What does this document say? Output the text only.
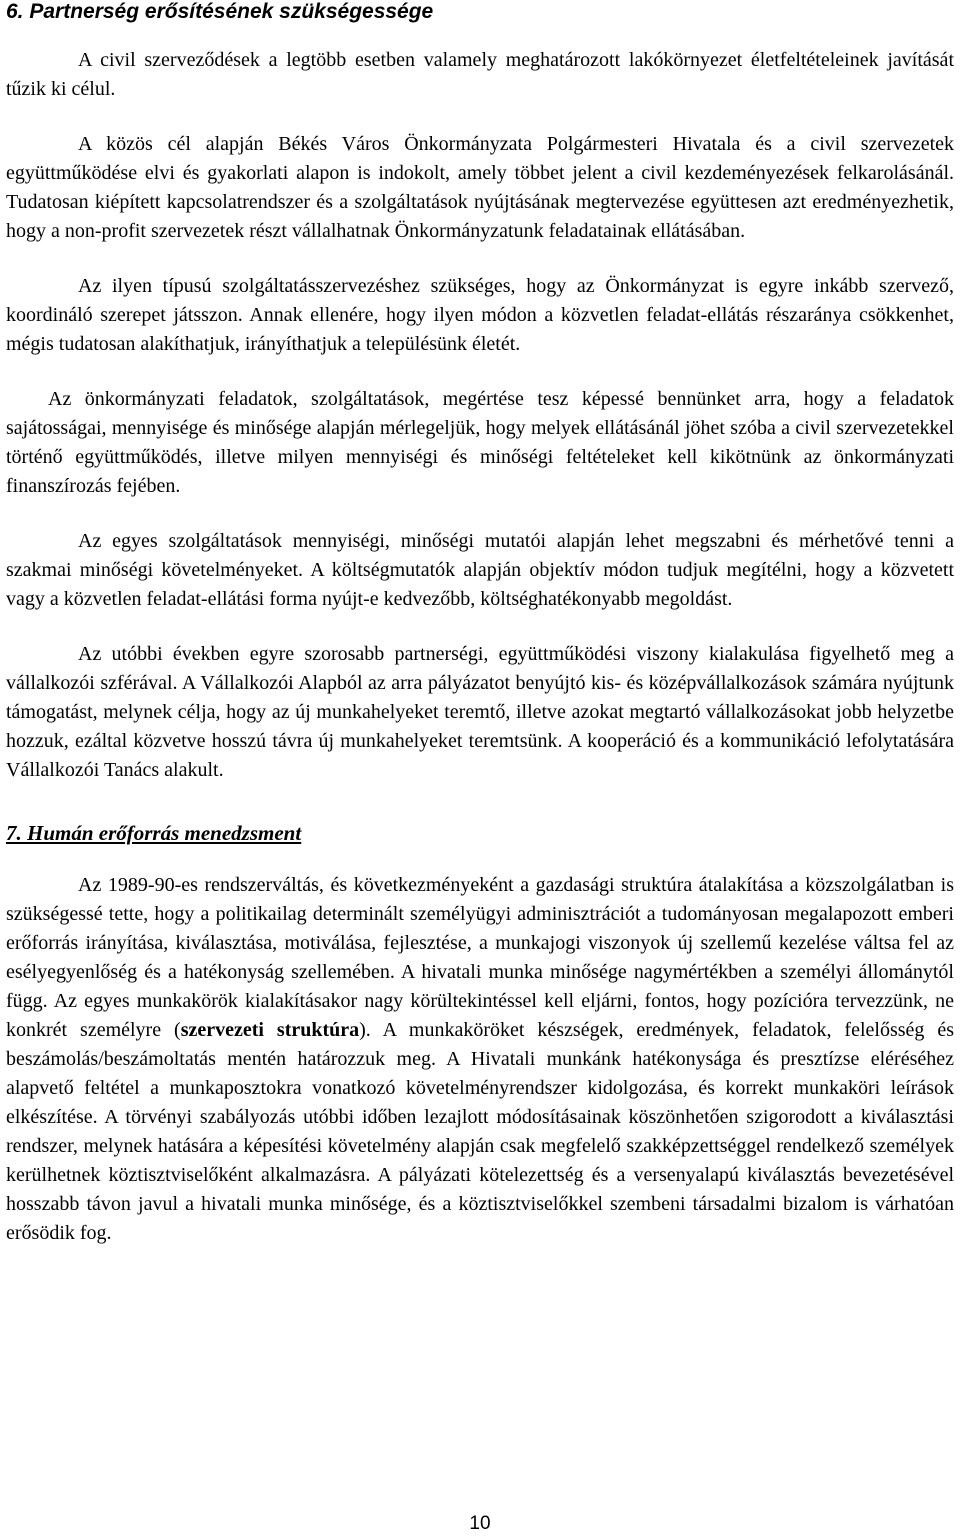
6. Partnerség erősítésének szükségessége

A civil szerveződések a legtöbb esetben valamely meghatározott lakókörnyezet életfeltételeinek javítását tűzik ki célul.

A közös cél alapján Békés Város Önkormányzata Polgármesteri Hivatala és a civil szervezetek együttműködése elvi és gyakorlati alapon is indokolt, amely többet jelent a civil kezdeményezések felkarolásánál. Tudatosan kiépített kapcsolatrendszer és a szolgáltatások nyújtásának megtervezése együttesen azt eredményezhetik, hogy a non-profit szervezetek részt vállalhatnak Önkormányzatunk feladatainak ellátásában.

Az ilyen típusú szolgáltatásszervezéshez szükséges, hogy az Önkormányzat is egyre inkább szervező, koordináló szerepet játsszon. Annak ellenére, hogy ilyen módon a közvetlen feladat-ellátás részaránya csökkenhet, mégis tudatosan alakíthatjuk, irányíthatjuk a településünk életét.

Az önkormányzati feladatok, szolgáltatások, megértése tesz képessé bennünket arra, hogy a feladatok sajátosságai, mennyisége és minősége alapján mérlegeljük, hogy melyek ellátásánál jöhet szóba a civil szervezetekkel történő együttműködés, illetve milyen mennyiségi és minőségi feltételeket kell kikötnünk az önkormányzati finanszírozás fejében.

Az egyes szolgáltatások mennyiségi, minőségi mutatói alapján lehet megszabni és mérhetővé tenni a szakmai minőségi követelményeket. A költségmutatók alapján objektív módon tudjuk megítélni, hogy a közvetett vagy a közvetlen feladat-ellátási forma nyújt-e kedvezőbb, költséghatékonyabb megoldást.

Az utóbbi években egyre szorosabb partnerségi, együttműködési viszony kialakulása figyelhető meg a vállalkozói szférával. A Vállalkozói Alapból az arra pályázatot benyújtó kis- és középvállalkozások számára nyújtunk támogatást, melynek célja, hogy az új munkahelyeket teremtő, illetve azokat megtartó vállalkozásokat jobb helyzetbe hozzuk, ezáltal közvetve hosszú távra új munkahelyeket teremtsünk. A kooperáció és a kommunikáció lefolytatására Vállalkozói Tanács alakult.

7. Humán erőforrás menedzsment

Az 1989-90-es rendszerváltás, és következményeként a gazdasági struktúra átalakítása a közszolgálatban is szükségessé tette, hogy a politikailag determinált személyügyi adminisztrációt a tudományosan megalapozott emberi erőforrás irányítása, kiválasztása, motiválása, fejlesztése, a munkajogi viszonyok új szellemű kezelése váltsa fel az esélyegyenlőség és a hatékonyság szellemében. A hivatali munka minősége nagymértékben a személyi állománytól függ. Az egyes munkakörök kialakításakor nagy körültekintéssel kell eljárni, fontos, hogy pozícióra tervezzünk, ne konkrét személyre (szervezeti struktúra). A munkaköröket készségek, eredmények, feladatok, felelősség és beszámolás/beszámoltatás mentén határozzuk meg. A Hivatali munkánk hatékonysága és presztízse eléréséhez alapvető feltétel a munkaposztokra vonatkozó követelményrendszer kidolgozása, és korrekt munkaköri leírások elkészítése. A törvényi szabályozás utóbbi időben lezajlott módosításainak köszönhetően szigorodott a kiválasztási rendszer, melynek hatására a képesítési követelmény alapján csak megfelelő szakképzettséggel rendelkező személyek kerülhetnek köztisztviselőként alkalmazásra. A pályázati kötelezettség és a versenyalapú kiválasztás bevezetésével hosszabb távon javul a hivatali munka minősége, és a köztisztviselőkkel szembeni társadalmi bizalom is várhatóan erősödik fog.

10
